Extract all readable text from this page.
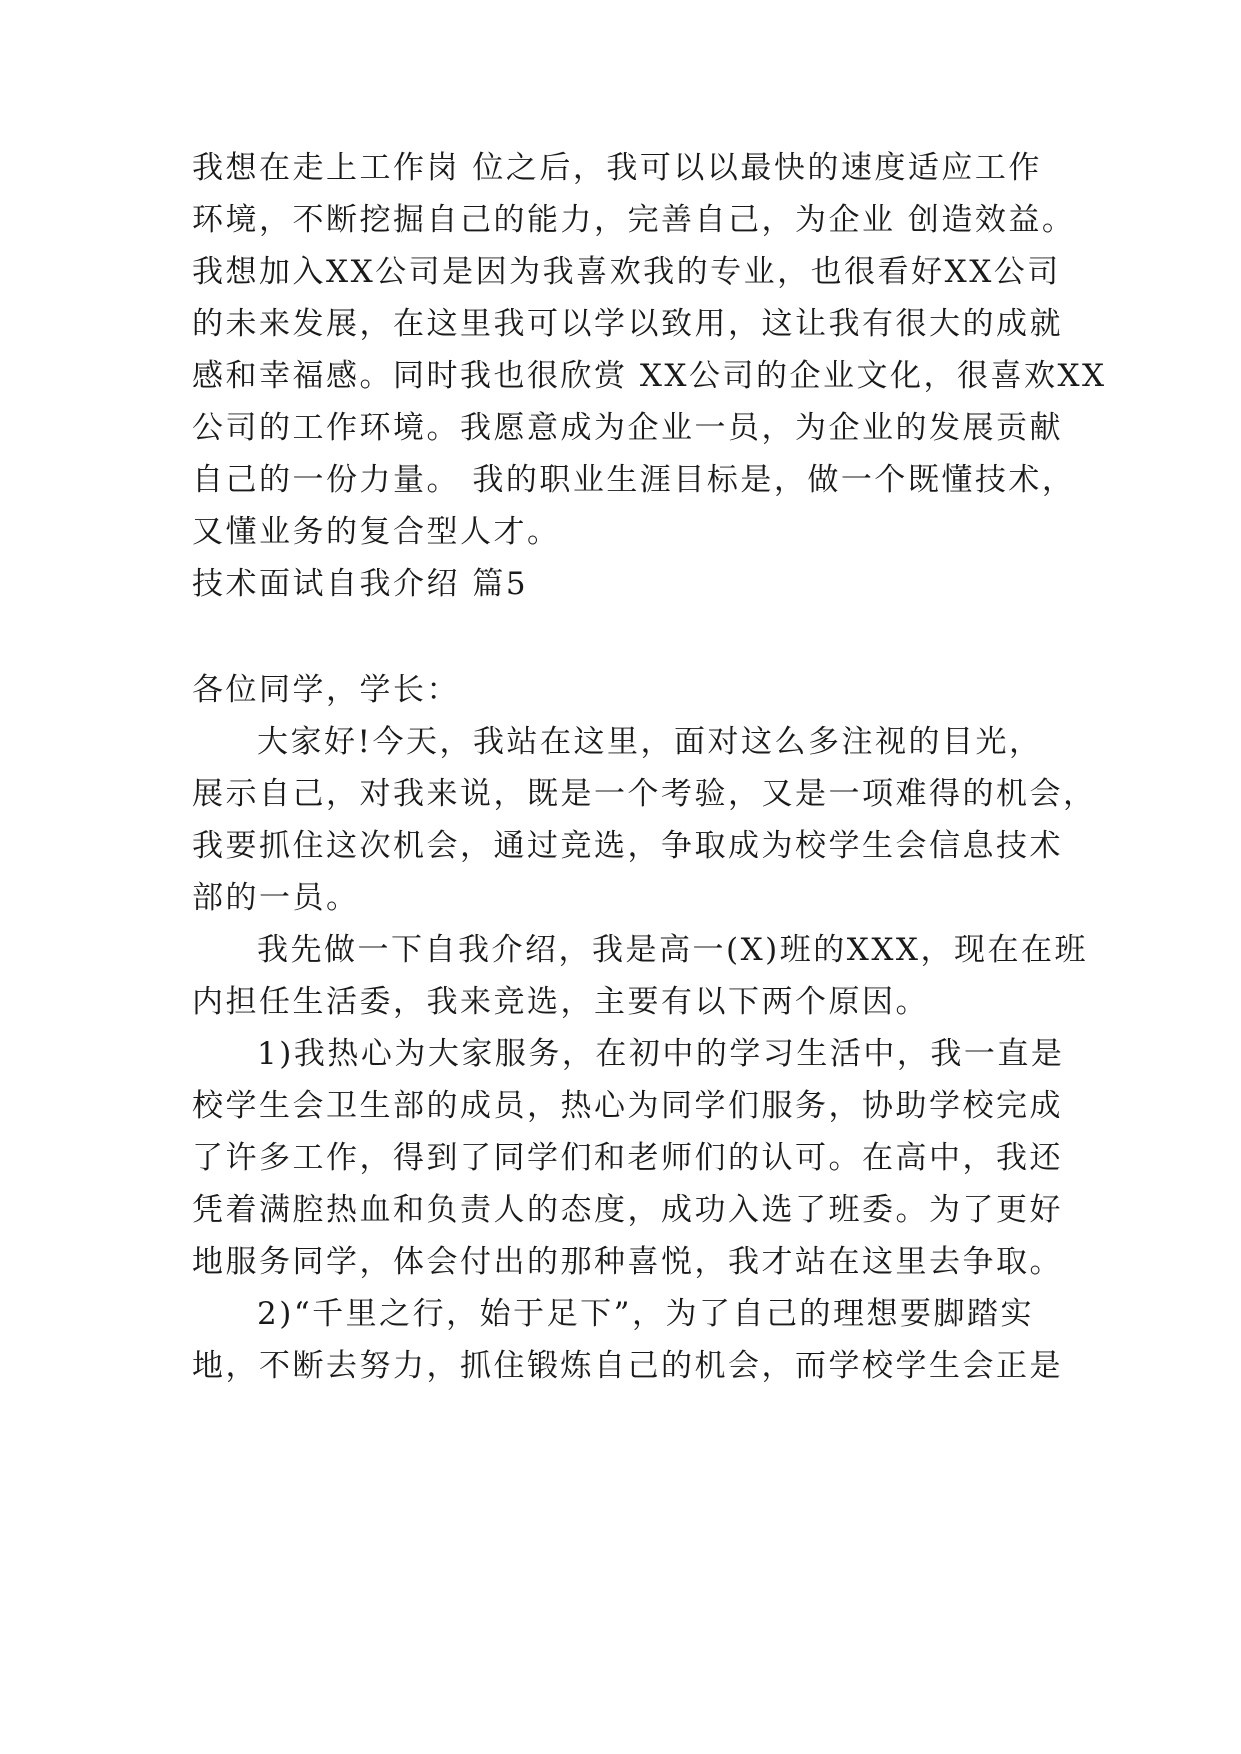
我想在走上工作岗 位之后，我可以以最快的速度适应工作
环境，不断挖掘自己的能力，完善自己，为企业 创造效益。
我想加入XX公司是因为我喜欢我的专业，也很看好XX公司
的未来发展，在这里我可以学以致用，这让我有很大的成就
感和幸福感。同时我也很欣赏 XX公司的企业文化，很喜欢XX
公司的工作环境。我愿意成为企业一员，为企业的发展贡献
自己的一份力量。 我的职业生涯目标是，做一个既懂技术，
又懂业务的复合型人才。
技术面试自我介绍 篇5
各位同学，学长：
大家好!今天，我站在这里，面对这么多注视的目光，
展示自己，对我来说，既是一个考验，又是一项难得的机会，
我要抓住这次机会，通过竞选，争取成为校学生会信息技术
部的一员。
我先做一下自我介绍，我是高一(X)班的XXX，现在在班
内担任生活委，我来竞选，主要有以下两个原因。
1)我热心为大家服务，在初中的学习生活中，我一直是
校学生会卫生部的成员，热心为同学们服务，协助学校完成
了许多工作，得到了同学们和老师们的认可。在高中，我还
凭着满腔热血和负责人的态度，成功入选了班委。为了更好
地服务同学，体会付出的那种喜悦，我才站在这里去争取。
2)“千里之行，始于足下”，为了自己的理想要脚踏实
地，不断去努力，抓住锻炼自己的机会，而学校学生会正是
